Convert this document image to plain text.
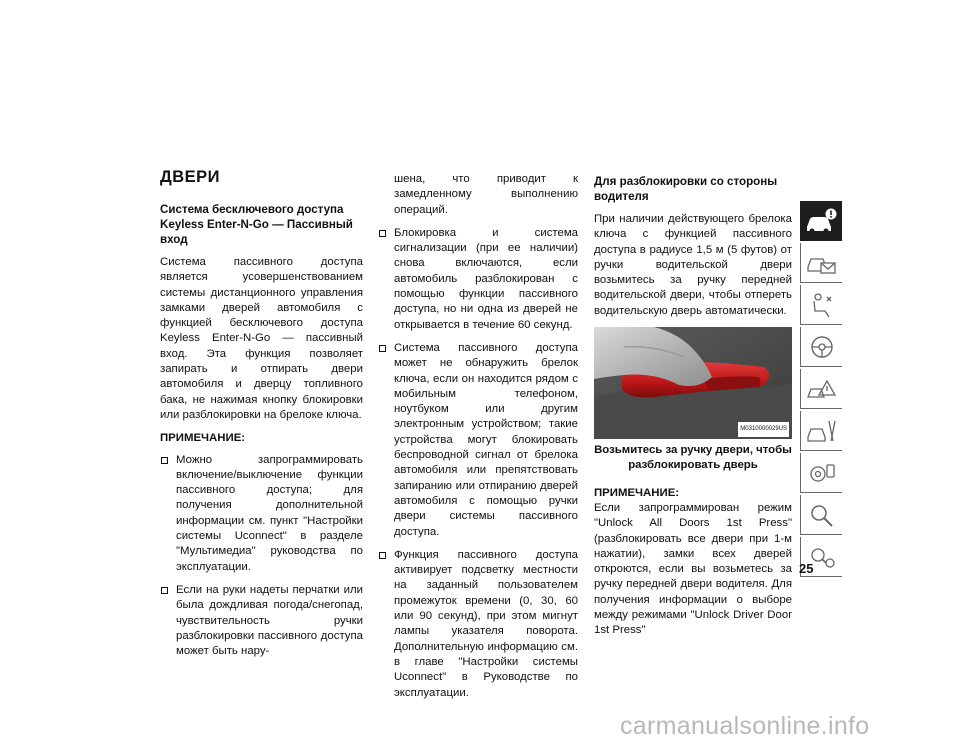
ДВЕРИ
Система бесключевого доступа Keyless Enter-N-Go — Пассивный вход

Система пассивного доступа является усовершенствованием системы дистанционного управления замками дверей автомобиля с функцией бесключевого доступа Keyless Enter-N-Go — пассивный вход. Эта функция позволяет запирать и отпирать двери автомобиля и дверцу топливного бака, не нажимая кнопку блокировки или разблокировки на брелоке ключа.

ПРИМЕЧАНИЕ:
Можно запрограммировать включение/выключение функции пассивного доступа; для получения дополнительной информации см. пункт "Настройки системы Uconnect" в разделе "Мультимедиа" руководства по эксплуатации.
Если на руки надеты перчатки или была дождливая погода/снегопад, чувствительность ручки разблокировки пассивного доступа может быть нару-

шена, что приводит к замедленному выполнению операций.

Блокировка и система сигнализации (при ее наличии) снова включаются, если автомобиль разблокирован с помощью функции пассивного доступа, но ни одна из дверей не открывается в течение 60 секунд.
Система пассивного доступа может не обнаружить брелок ключа, если он находится рядом с мобильным телефоном, ноутбуком или другим электронным устройством; такие устройства могут блокировать беспроводной сигнал от брелока автомобиля или препятствовать запиранию или отпиранию дверей автомобиля с помощью ручки двери системы пассивного доступа.
Функция пассивного доступа активирует подсветку местности на заданный пользователем промежуток времени (0, 30, 60 или 90 секунд), при этом мигнут лампы указателя поворота. Дополнительную информацию см. в главе "Настройки системы Uconnect" в Руководстве по эксплуатации.
Для разблокировки со стороны водителя

При наличии действующего брелока ключа с функцией пассивного доступа в радиусе 1,5 м (5 футов) от ручки водительской двери возьмитесь за ручку передней водительской двери, чтобы отпереть водительскую дверь автоматически.

M0310000029US
Возьмитесь за ручку двери, чтобы разблокировать дверь
ПРИМЕЧАНИЕ:

Если запрограммирован режим "Unlock All Doors 1st Press" (разблокировать все двери при 1-м нажатии), замки всех дверей откроются, если вы возьметесь за ручку передней двери водителя. Для получения информации о выборе между режимами "Unlock Driver Door 1st Press"

25
carmanualsonline.info
